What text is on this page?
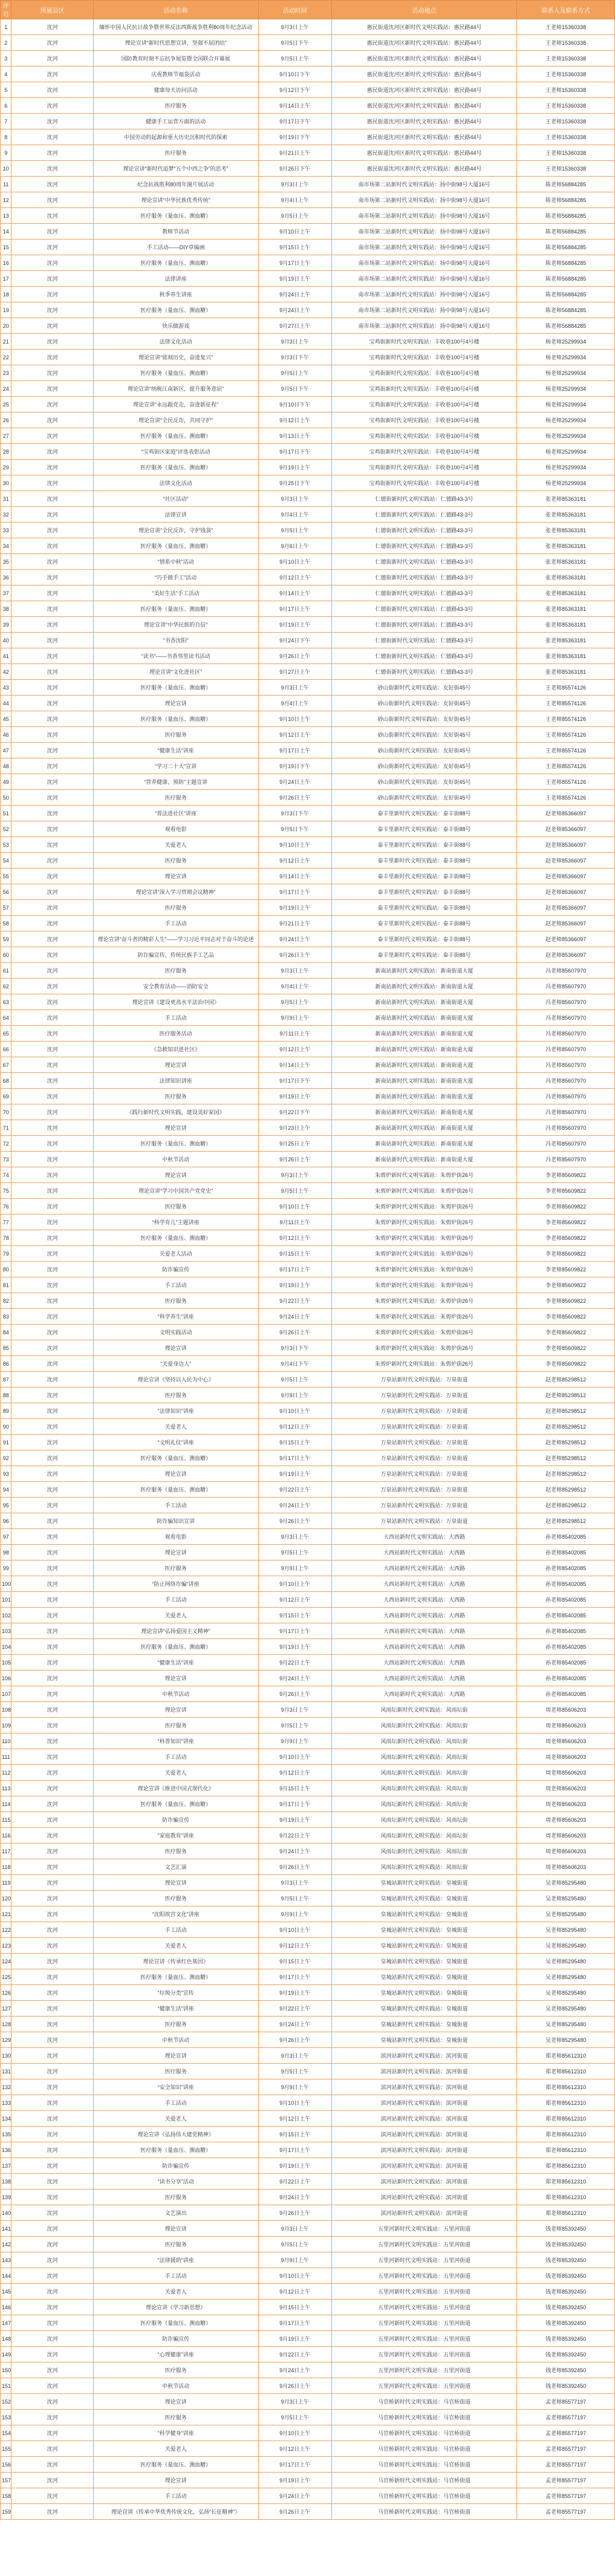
序号	所属县区	活动名称	活动时间	活动地点	联系人及联系方式
1	沈河	缅怀中国人民抗日战争暨世界反法西斯战争胜利80周年纪念活动	9月3日上午	惠民街道沈河区新时代文明实践站：惠民路44号	王老师15360338
2	沈河	理论宣讲“新时代思想宣讲，坚强不屈团结”	9月5日下午	惠民街道沈河区新时代文明实践站：惠民路44号	王老师15360338
3	沈河	国防教育时刻不忘抗争展览暨全国联合开幕展	9月5日上午	惠民街道沈河区新时代文明实践站：惠民路44号	王老师15360338
4	沈河	庆祝教师节福袋活动	9月10日下午	惠民街道沈河区新时代文明实践站：惠民路44号	王老师15360338
5	沈河	健康每天访问活动	9月12日下午	惠民街道沈河区新时代文明实践站：惠民路44号	王老师15360338
6	沈河	医疗服务	9月14日上午	惠民街道沈河区新时代文明实践站：惠民路44号	王老师15360338
7	沈河	健康手工运营方面的活动	9月17日下午	惠民街道沈河区新时代文明实践站：惠民路44号	王老师15360338
8	沈河	中国劳动的起源和重大历史沉积时代的探索	9月19日下午	惠民街道沈河区新时代文明实践站：惠民路44号	王老师15360338
9	沈河	医疗服务	9月21日上午	惠民街道沈河区新时代文明实践站：惠民路44号	王老师15360338
10	沈河	理论宣讲“新时代追梦“五个中西之争”的思考”	9月26日下午	惠民街道沈河区新时代文明实践站：惠民路44号	王老师15360338
11	沈河	纪念抗战胜利80周年图片展活动	9月3日上午	南市场第二站新时代文明实践站：扬中街98号大厦16号	陈老师56884285
12	沈河	理论宣讲“中华民族优秀传统”	9月4日上午	南市场第二站新时代文明实践站：扬中街98号大厦16号	陈老师56884285
13	沈河	医疗服务（量血压、测血糖）	9月5日上午	南市场第二站新时代文明实践站：扬中街98号大厦16号	陈老师56884285
14	沈河	教师节活动	9月10日上午	南市场第二站新时代文明实践站：扬中街98号大厦16号	陈老师56884285
15	沈河	手工活动——DIY草编画	9月15日上午	南市场第二站新时代文明实践站：扬中街98号大厦16号	陈老师56884285
16	沈河	医疗服务（量血压、测血糖）	9月17日上午	南市场第二站新时代文明实践站：扬中街98号大厦16号	陈老师56884285
17	沈河	法律讲座	9月19日上午	南市场第二站新时代文明实践站：扬中街98号大厦16号	陈老师56884285
18	沈河	秋季养生讲座	9月24日上午	南市场第二站新时代文明实践站：扬中街98号大厦16号	陈老师56884285
19	沈河	医疗服务（量血压、测血糖）	9月24日上午	南市场第二站新时代文明实践站：扬中街98号大厦16号	陈老师56884285
20	沈河	快乐做游戏	9月27日上午	南市场第二站新时代文明实践站：扬中街98号大厦16号	陈老师56884285
21	沈河	法律文化活动	9月3日上午	宝鸡街新时代文明实践站：丰收巷100号4号楼	杨老师25299934
22	沈河	理论宣讲“铭刻历史，奋进复兴”	9月3日下午	宝鸡街新时代文明实践站：丰收巷100号4号楼	杨老师25299934
23	沈河	医疗服务（量血压、测血糖）	9月5日上午	宝鸡街新时代文明实践站：丰收巷100号4号楼	杨老师25299934
24	沈河	理论宣讲“纳税江南新区，提升服务意识”	9月5日下午	宝鸡街新时代文明实践站：丰收巷100号4号楼	杨老师25299934
25	沈河	理论宣讲“永远跟党走，奋进新征程”	9月10日下午	宝鸡街新时代文明实践站：丰收巷100号4号楼	杨老师25299934
26	沈河	理论宣讲“全民反诈，共同守护”	9月12日上午	宝鸡街新时代文明实践站：丰收巷100号4号楼	杨老师25299934
27	沈河	医疗服务（量血压、测血糖）	9月13日上午	宝鸡街新时代文明实践站：丰收巷100号4号楼	杨老师25299934
28	沈河	“宝鸡街区家庭”评选表彰活动	9月17日下午	宝鸡街新时代文明实践站：丰收巷100号4号楼	杨老师25299934
29	沈河	医疗服务（量血压、测血糖）	9月19日上午	宝鸡街新时代文明实践站：丰收巷100号4号楼	杨老师25299934
30	沈河	法律文化活动	9月25日下午	宝鸡街新时代文明实践站：丰收巷100号4号楼	杨老师25299934
31	沈河	“社区活动”	9月3日上午	仁德街新时代文明实践站：仁德路43-3号	张老师85363181
32	沈河	法律宣讲	9月4日上午	仁德街新时代文明实践站：仁德路43-3号	张老师85363181
33	沈河	理论宣讲“全民反诈，守护钱袋”	9月5日上午	仁德街新时代文明实践站：仁德路43-3号	张老师85363181
34	沈河	医疗服务（量血压、测血糖）	9月6日上午	仁德街新时代文明实践站：仁德路43-3号	张老师85363181
35	沈河	“情系中秋”活动	9月10日上午	仁德街新时代文明实践站：仁德路43-3号	张老师85363181
36	沈河	“巧手做手工”活动	9月12日上午	仁德街新时代文明实践站：仁德路43-3号	张老师85363181
37	沈河	“美好生活”手工活动	9月14日上午	仁德街新时代文明实践站：仁德路43-3号	张老师85363181
38	沈河	医疗服务（量血压、测血糖）	9月17日上午	仁德街新时代文明实践站：仁德路43-3号	张老师85363181
39	沈河	理论宣讲“中华民族的自信”	9月19日上午	仁德街新时代文明实践站：仁德路43-3号	张老师85363181
40	沈河	“书香沈阳”	9月24日下午	仁德街新时代文明实践站：仁德路43-3号	张老师85363181
41	沈河	“读书”——书香邻里读书活动	9月26日上午	仁德街新时代文明实践站：仁德路43-3号	张老师85363181
42	沈河	理论宣讲“文化进社区”	9月27日上午	仁德街新时代文明实践站：仁德路43-3号	张老师85363181
43	沈河	医疗服务（量血压、测血糖）	9月3日上午	砂山街新时代文明实践站：友好街45号	王老师85574126
44	沈河	理论宣讲	9月4日上午	砂山街新时代文明实践站：友好街45号	王老师85574126
45	沈河	医疗服务（量血压、测血糖）	9月10日上午	砂山街新时代文明实践站：友好街45号	王老师85574126
46	沈河	医疗服务	9月12日上午	砂山街新时代文明实践站：友好街45号	王老师85574126
47	沈河	“健康生活”讲座	9月17日上午	砂山街新时代文明实践站：友好街45号	王老师85574126
48	沈河	“学习二十大”宣讲	9月19日下午	砂山街新时代文明实践站：友好街45号	王老师85574126
49	沈河	“营养健康，预防”主题宣讲	9月24日上午	砂山街新时代文明实践站：友好街45号	王老师85574126
50	沈河	医疗服务	9月26日上午	砂山街新时代文明实践站：友好街45号	王老师85574126
51	沈河	“普法进社区”讲座	9月3日下午	泰丰里新时代文明实践站：泰丰街88号	赵老师85366097
52	沈河	观看电影	9月5日下午	泰丰里新时代文明实践站：泰丰街88号	赵老师85366097
53	沈河	关爱老人	9月10日上午	泰丰里新时代文明实践站：泰丰街88号	赵老师85366097
54	沈河	医疗服务	9月12日上午	泰丰里新时代文明实践站：泰丰街88号	赵老师85366097
55	沈河	理论宣讲	9月14日上午	泰丰里新时代文明实践站：泰丰街88号	赵老师85366097
56	沈河	理论宣讲“深入学习贯彻会议精神”	9月17日上午	泰丰里新时代文明实践站：泰丰街88号	赵老师85366097
57	沈河	医疗服务	9月19日上午	泰丰里新时代文明实践站：泰丰街88号	赵老师85366097
58	沈河	手工活动	9月21日上午	泰丰里新时代文明实践站：泰丰街88号	赵老师85366097
59	沈河	理论宣讲“奋斗者的精彩人生”——学习习近平同志对于奋斗的论述	9月24日上午	泰丰里新时代文明实践站：泰丰街88号	赵老师85366097
60	沈河	防诈骗宣传，传统民族手工艺品	9月26日上午	泰丰里新时代文明实践站：泰丰街88号	赵老师85366097
61	沈河	医疗服务	9月3日上午	新南站新时代文明实践站：新南街道大厦	冯老师85607970
62	沈河	安全教育活动——消防安全	9月4日上午	新南站新时代文明实践站：新南街道大厦	冯老师85607970
63	沈河	理论宣讲《建设更高水平法治中国》	9月5日上午	新南站新时代文明实践站：新南街道大厦	冯老师85607970
64	沈河	手工活动	9月9日上午	新南站新时代文明实践站：新南街道大厦	冯老师85607970
65	沈河	医疗服务活动	9月11日上午	新南站新时代文明实践站：新南街道大厦	冯老师85607970
66	沈河	《急救知识进社区》	9月12日上午	新南站新时代文明实践站：新南街道大厦	冯老师85607970
67	沈河	理论宣讲	9月14日上午	新南站新时代文明实践站：新南街道大厦	冯老师85607970
68	沈河	法律知识讲座	9月17日下午	新南站新时代文明实践站：新南街道大厦	冯老师85607970
69	沈河	医疗服务	9月19日上午	新南站新时代文明实践站：新南街道大厦	冯老师85607970
70	沈河	《践行新时代文明实践，建设美好家园》	9月22日下午	新南站新时代文明实践站：新南街道大厦	冯老师85607970
71	沈河	理论宣讲	9月23日上午	新南站新时代文明实践站：新南街道大厦	冯老师85607970
72	沈河	医疗服务（量血压、测血糖）	9月25日上午	新南站新时代文明实践站：新南街道大厦	冯老师85607970
73	沈河	中秋节活动	9月26日上午	新南站新时代文明实践站：新南街道大厦	冯老师85607970
74	沈河	理论宣讲	9月3日上午	朱剪炉新时代文明实践站：朱剪炉街26号	李老师85609822
75	沈河	理论宣讲“学习中国共产党党史”	9月5日上午	朱剪炉新时代文明实践站：朱剪炉街26号	李老师85609822
76	沈河	医疗服务	9月10日上午	朱剪炉新时代文明实践站：朱剪炉街26号	李老师85609822
77	沈河	“科学育儿”主题讲座	9月11日上午	朱剪炉新时代文明实践站：朱剪炉街26号	李老师85609822
78	沈河	医疗服务（量血压、测血糖）	9月12日上午	朱剪炉新时代文明实践站：朱剪炉街26号	李老师85609822
79	沈河	关爱老人活动	9月15日上午	朱剪炉新时代文明实践站：朱剪炉街26号	李老师85609822
80	沈河	防诈骗宣传	9月17日上午	朱剪炉新时代文明实践站：朱剪炉街26号	李老师85609822
81	沈河	手工活动	9月19日上午	朱剪炉新时代文明实践站：朱剪炉街26号	李老师85609822
82	沈河	医疗服务	9月22日上午	朱剪炉新时代文明实践站：朱剪炉街26号	李老师85609822
83	沈河	“科学养生”讲座	9月24日上午	朱剪炉新时代文明实践站：朱剪炉街26号	李老师85609822
84	沈河	文明实践活动	9月26日上午	朱剪炉新时代文明实践站：朱剪炉街26号	李老师85609822
85	沈河	理论宣讲	9月3日下午	朱剪炉新时代文明实践站：朱剪炉街26号	李老师85609822
86	沈河	“关爱身边人”	9月4日下午	朱剪炉新时代文明实践站：朱剪炉街26号	李老师85609822
87	沈河	理论宣讲《坚持以人民为中心》	9月5日上午	万泉站新时代文明实践站：万泉街道	赵老师85298512
88	沈河	医疗服务	9月9日上午	万泉站新时代文明实践站：万泉街道	赵老师85298512
89	沈河	“法律知识”讲座	9月10日上午	万泉站新时代文明实践站：万泉街道	赵老师85298512
90	沈河	关爱老人	9月12日上午	万泉站新时代文明实践站：万泉街道	赵老师85298512
91	沈河	“文明礼仪”讲座	9月15日上午	万泉站新时代文明实践站：万泉街道	赵老师85298512
92	沈河	医疗服务（量血压、测血糖）	9月17日上午	万泉站新时代文明实践站：万泉街道	赵老师85298512
93	沈河	理论宣讲	9月19日上午	万泉站新时代文明实践站：万泉街道	赵老师85298512
94	沈河	医疗服务（量血压、测血糖）	9月22日上午	万泉站新时代文明实践站：万泉街道	赵老师85298512
95	沈河	手工活动	9月24日上午	万泉站新时代文明实践站：万泉街道	赵老师85298512
96	沈河	防诈骗知识宣讲	9月26日上午	万泉站新时代文明实践站：万泉街道	赵老师85298512
97	沈河	观看电影	9月3日上午	大西站新时代文明实践站：大西路	孙老师85402085
98	沈河	理论宣讲	9月5日上午	大西站新时代文明实践站：大西路	孙老师85402085
99	沈河	医疗服务	9月9日上午	大西站新时代文明实践站：大西路	孙老师85402085
100	沈河	“防止网络诈骗”讲座	9月10日上午	大西站新时代文明实践站：大西路	孙老师85402085
101	沈河	手工活动	9月12日上午	大西站新时代文明实践站：大西路	孙老师85402085
102	沈河	关爱老人	9月15日上午	大西站新时代文明实践站：大西路	孙老师85402085
103	沈河	理论宣讲“弘扬爱国主义精神”	9月17日上午	大西站新时代文明实践站：大西路	孙老师85402085
104	沈河	医疗服务（量血压、测血糖）	9月19日上午	大西站新时代文明实践站：大西路	孙老师85402085
105	沈河	“健康生活”讲座	9月22日上午	大西站新时代文明实践站：大西路	孙老师85402085
106	沈河	理论宣讲	9月24日上午	大西站新时代文明实践站：大西路	孙老师85402085
107	沈河	中秋节活动	9月26日上午	大西站新时代文明实践站：大西路	孙老师85402085
108	沈河	理论宣讲	9月3日上午	风雨坛新时代文明实践站：风雨坛街	周老师85606203
109	沈河	医疗服务	9月5日上午	风雨坛新时代文明实践站：风雨坛街	周老师85606203
110	沈河	“科普知识”讲座	9月9日上午	风雨坛新时代文明实践站：风雨坛街	周老师85606203
111	沈河	手工活动	9月10日上午	风雨坛新时代文明实践站：风雨坛街	周老师85606203
112	沈河	关爱老人	9月12日上午	风雨坛新时代文明实践站：风雨坛街	周老师85606203
113	沈河	理论宣讲《推进中国式现代化》	9月15日上午	风雨坛新时代文明实践站：风雨坛街	周老师85606203
114	沈河	医疗服务（量血压、测血糖）	9月17日上午	风雨坛新时代文明实践站：风雨坛街	周老师85606203
115	沈河	防诈骗宣传	9月19日上午	风雨坛新时代文明实践站：风雨坛街	周老师85606203
116	沈河	“家庭教育”讲座	9月22日上午	风雨坛新时代文明实践站：风雨坛街	周老师85606203
117	沈河	医疗服务	9月24日上午	风雨坛新时代文明实践站：风雨坛街	周老师85606203
118	沈河	文艺汇演	9月26日上午	风雨坛新时代文明实践站：风雨坛街	周老师85606203
119	沈河	理论宣讲	9月3日上午	皇城站新时代文明实践站：皇城街道	吴老师85295480
120	沈河	医疗服务	9月5日上午	皇城站新时代文明实践站：皇城街道	吴老师85295480
121	沈河	“沈阳故宫文化”讲座	9月9日上午	皇城站新时代文明实践站：皇城街道	吴老师85295480
122	沈河	手工活动	9月10日上午	皇城站新时代文明实践站：皇城街道	吴老师85295480
123	沈河	关爱老人	9月12日上午	皇城站新时代文明实践站：皇城街道	吴老师85295480
124	沈河	理论宣讲《传承红色基因》	9月15日上午	皇城站新时代文明实践站：皇城街道	吴老师85295480
125	沈河	医疗服务（量血压、测血糖）	9月17日上午	皇城站新时代文明实践站：皇城街道	吴老师85295480
126	沈河	“垃圾分类”宣传	9月19日上午	皇城站新时代文明实践站：皇城街道	吴老师85295480
127	沈河	“健康生活”讲座	9月22日上午	皇城站新时代文明实践站：皇城街道	吴老师85295480
128	沈河	医疗服务	9月24日上午	皇城站新时代文明实践站：皇城街道	吴老师85295480
129	沈河	中秋节活动	9月26日上午	皇城站新时代文明实践站：皇城街道	吴老师85295480
130	沈河	理论宣讲	9月3日上午	滨河站新时代文明实践站：滨河街道	郑老师85612310
131	沈河	医疗服务	9月5日上午	滨河站新时代文明实践站：滨河街道	郑老师85612310
132	沈河	“安全知识”讲座	9月9日上午	滨河站新时代文明实践站：滨河街道	郑老师85612310
133	沈河	手工活动	9月10日上午	滨河站新时代文明实践站：滨河街道	郑老师85612310
134	沈河	关爱老人	9月12日上午	滨河站新时代文明实践站：滨河街道	郑老师85612310
135	沈河	理论宣讲《弘扬伟大建党精神》	9月15日上午	滨河站新时代文明实践站：滨河街道	郑老师85612310
136	沈河	医疗服务（量血压、测血糖）	9月17日上午	滨河站新时代文明实践站：滨河街道	郑老师85612310
137	沈河	防诈骗宣传	9月19日上午	滨河站新时代文明实践站：滨河街道	郑老师85612310
138	沈河	“读书分享”活动	9月22日上午	滨河站新时代文明实践站：滨河街道	郑老师85612310
139	沈河	医疗服务	9月24日上午	滨河站新时代文明实践站：滨河街道	郑老师85612310
140	沈河	文艺演出	9月26日上午	滨河站新时代文明实践站：滨河街道	郑老师85612310
141	沈河	理论宣讲	9月3日上午	五里河新时代文明实践站：五里河街道	钱老师85392450
142	沈河	医疗服务	9月5日上午	五里河新时代文明实践站：五里河街道	钱老师85392450
143	沈河	“法律援助”讲座	9月9日上午	五里河新时代文明实践站：五里河街道	钱老师85392450
144	沈河	手工活动	9月10日上午	五里河新时代文明实践站：五里河街道	钱老师85392450
145	沈河	关爱老人	9月12日上午	五里河新时代文明实践站：五里河街道	钱老师85392450
146	沈河	理论宣讲《学习新思想》	9月15日上午	五里河新时代文明实践站：五里河街道	钱老师85392450
147	沈河	医疗服务（量血压、测血糖）	9月17日上午	五里河新时代文明实践站：五里河街道	钱老师85392450
148	沈河	防诈骗宣传	9月19日上午	五里河新时代文明实践站：五里河街道	钱老师85392450
149	沈河	“心理健康”讲座	9月22日上午	五里河新时代文明实践站：五里河街道	钱老师85392450
150	沈河	医疗服务	9月24日上午	五里河新时代文明实践站：五里河街道	钱老师85392450
151	沈河	中秋节活动	9月26日上午	五里河新时代文明实践站：五里河街道	钱老师85392450
152	沈河	理论宣讲	9月3日上午	马官桥新时代文明实践站：马官桥街道	孟老师85577197
153	沈河	医疗服务	9月5日上午	马官桥新时代文明实践站：马官桥街道	孟老师85577197
154	沈河	“科学健身”讲座	9月10日上午	马官桥新时代文明实践站：马官桥街道	孟老师85577197
155	沈河	关爱老人	9月12日上午	马官桥新时代文明实践站：马官桥街道	孟老师85577197
156	沈河	医疗服务（量血压、测血糖）	9月17日上午	马官桥新时代文明实践站：马官桥街道	孟老师85577197
157	沈河	理论宣讲	9月19日上午	马官桥新时代文明实践站：马官桥街道	孟老师85577197
158	沈河	手工活动	9月24日上午	马官桥新时代文明实践站：马官桥街道	孟老师85577197
159	沈河	理论宣讲《传承中华优秀传统文化，弘扬“长征精神”》	9月26日上午	马官桥新时代文明实践站：马官桥街道	孟老师85577197
